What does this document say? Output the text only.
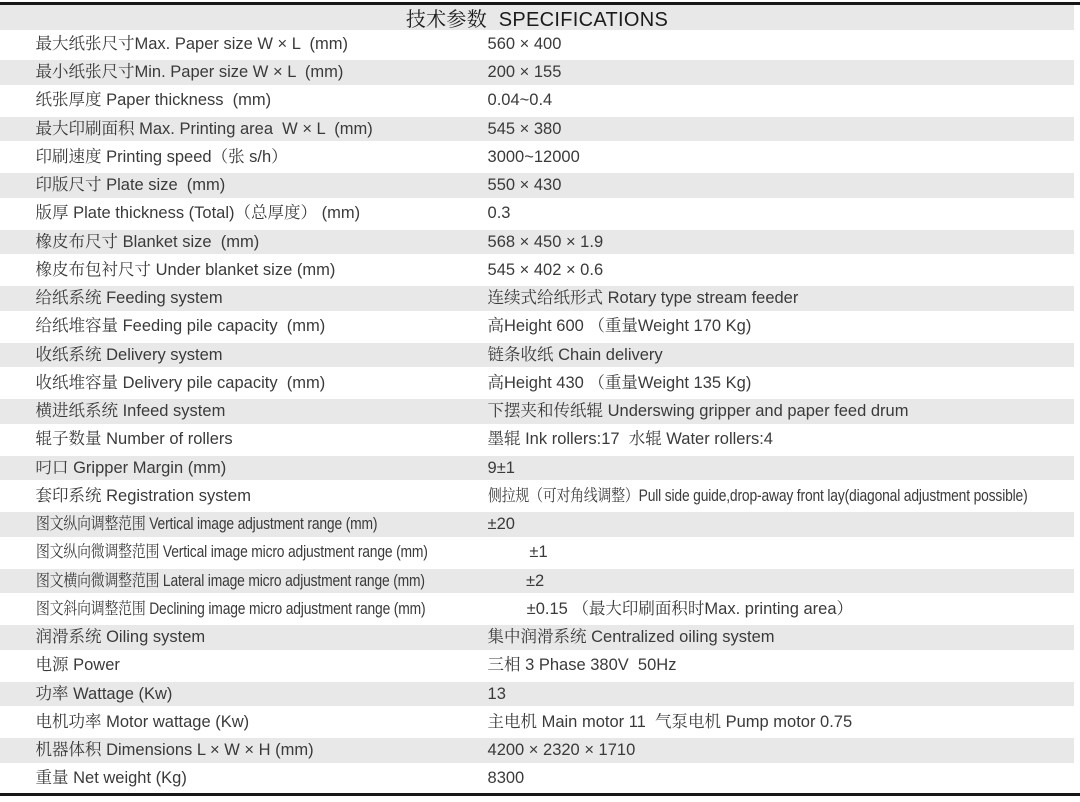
技术参数  SPECIFICATIONS

最大纸张尺寸Max. Paper size W × L  (mm)
	560 × 400

最小纸张尺寸Min. Paper size W × L  (mm)
	200 × 155

纸张厚度 Paper thickness  (mm)
	0.04~0.4

最大印刷面积 Max. Printing area  W × L  (mm)
	545 × 380

印刷速度 Printing speed（张 s/h）
	3000~12000

印版尺寸 Plate size  (mm)
	550 × 430

版厚 Plate thickness (Total)（总厚度） (mm)
	0.3

橡皮布尺寸 Blanket size  (mm)
	568 × 450 × 1.9

橡皮布包衬尺寸 Under blanket size (mm)
	545 × 402 × 0.6

给纸系统 Feeding system
	连续式给纸形式 Rotary type stream feeder

给纸堆容量 Feeding pile capacity  (mm)
	高Height 600 （重量Weight 170 Kg)

收纸系统 Delivery system
	链条收纸 Chain delivery

收纸堆容量 Delivery pile capacity  (mm)
	高Height 430 （重量Weight 135 Kg)

横进纸系统 Infeed system
	下摆夹和传纸辊 Underswing gripper and paper feed drum

辊子数量 Number of rollers
	墨辊 Ink rollers:17  水辊 Water rollers:4

叼口 Gripper Margin (mm)
	9±1

套印系统 Registration system
	侧拉规（可对角线调整）Pull side guide,drop-away front lay(diagonal adjustment possible)

图文纵向调整范围 Vertical image adjustment range (mm)
	±20

图文纵向微调整范围 Vertical image micro adjustment range (mm)
	±1

图文横向微调整范围 Lateral image micro adjustment range (mm)
	±2

图文斜向调整范围 Declining image micro adjustment range (mm)
	±0.15 （最大印刷面积时Max. printing area）

润滑系统 Oiling system
	集中润滑系统 Centralized oiling system

电源 Power
	三相 3 Phase 380V  50Hz

功率 Wattage (Kw)
	13

电机功率 Motor wattage (Kw)
	主电机 Main motor 11  气泵电机 Pump motor 0.75

机器体积 Dimensions L × W × H (mm)
	4200 × 2320 × 1710

重量 Net weight (Kg)
	8300
